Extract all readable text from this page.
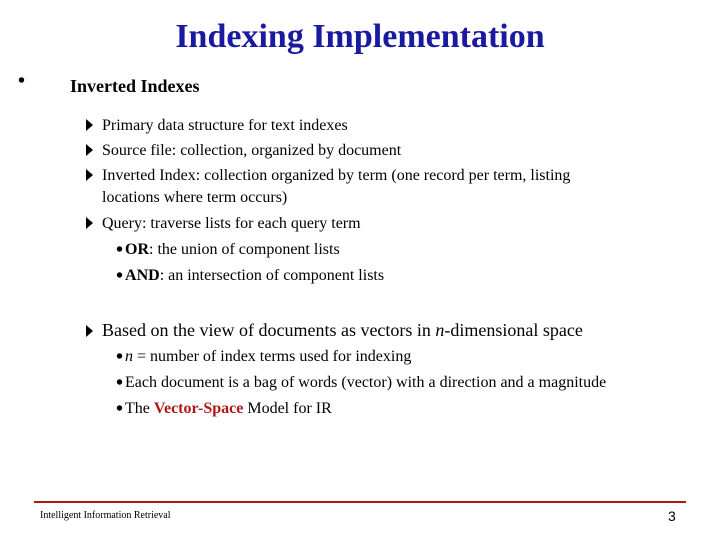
Indexing Implementation
• Inverted Indexes
Primary data structure for text indexes
Source file: collection, organized by document
Inverted Index: collection organized by term (one record per term, listing
locations where term occurs)
Query: traverse lists for each query term
• OR: the union of component lists
• AND: an intersection of component lists
Based on the view of documents as vectors in n-dimensional space
• n = number of index terms used for indexing
• Each document is a bag of words (vector) with a direction and a magnitude
• The Vector-Space Model for IR
Intelligent Information Retrieval	3
